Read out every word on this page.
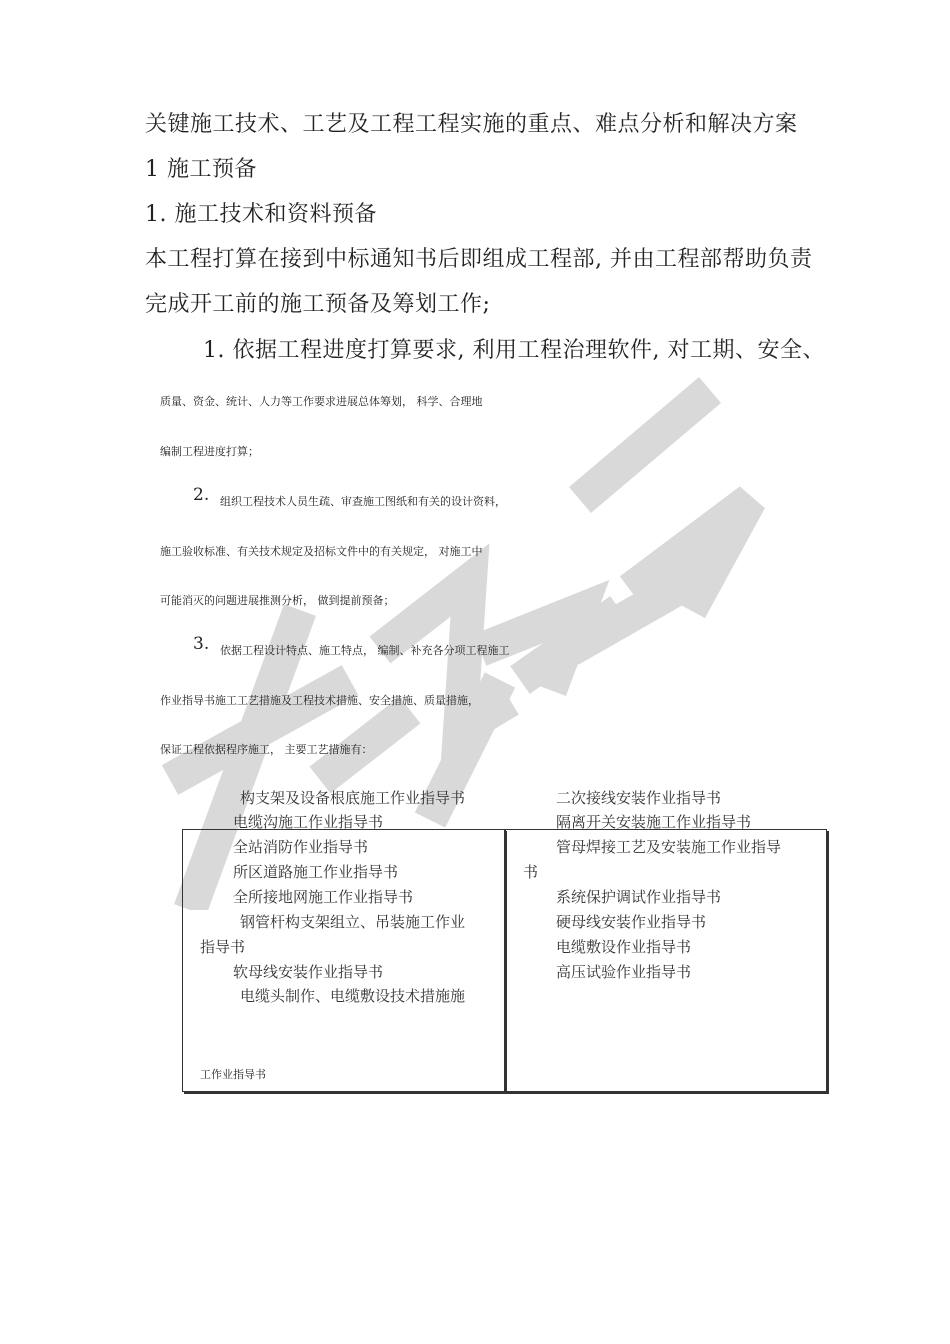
关键施工技术、工艺及工程工程实施的重点、难点分析和解决方案
1 施工预备
1. 施工技术和资料预备
本工程打算在接到中标通知书后即组成工程部, 并由工程部帮助负责
完成开工前的施工预备及筹划工作;
1. 依据工程进度打算要求, 利用工程治理软件, 对工期、安全、
质量、资金、统计、人力等工作要求进展总体筹划， 科学、合理地
编制工程进度打算；
2. 组织工程技术人员生疏、审查施工图纸和有关的设计资料，
施工验收标准、有关技术规定及招标文件中的有关规定， 对施工中
可能消灭的问题进展推测分析， 做到提前预备；
3. 依据工程设计特点、施工特点， 编制、补充各分项工程施工
作业指导书施工工艺措施及工程技术措施、安全措施、质量措施，
保证工程依据程序施工， 主要工艺措施有：
构支架及设备根底施工作业指导书
电缆沟施工作业指导书
全站消防作业指导书
所区道路施工作业指导书
全所接地网施工作业指导书
钢管杆构支架组立、吊装施工作业
指导书
软母线安装作业指导书
电缆头制作、电缆敷设技术措施施
工作业指导书
二次接线安装作业指导书
隔离开关安装施工作业指导书
管母焊接工艺及安装施工作业指导
书
系统保护调试作业指导书
硬母线安装作业指导书
电缆敷设作业指导书
高压试验作业指导书
